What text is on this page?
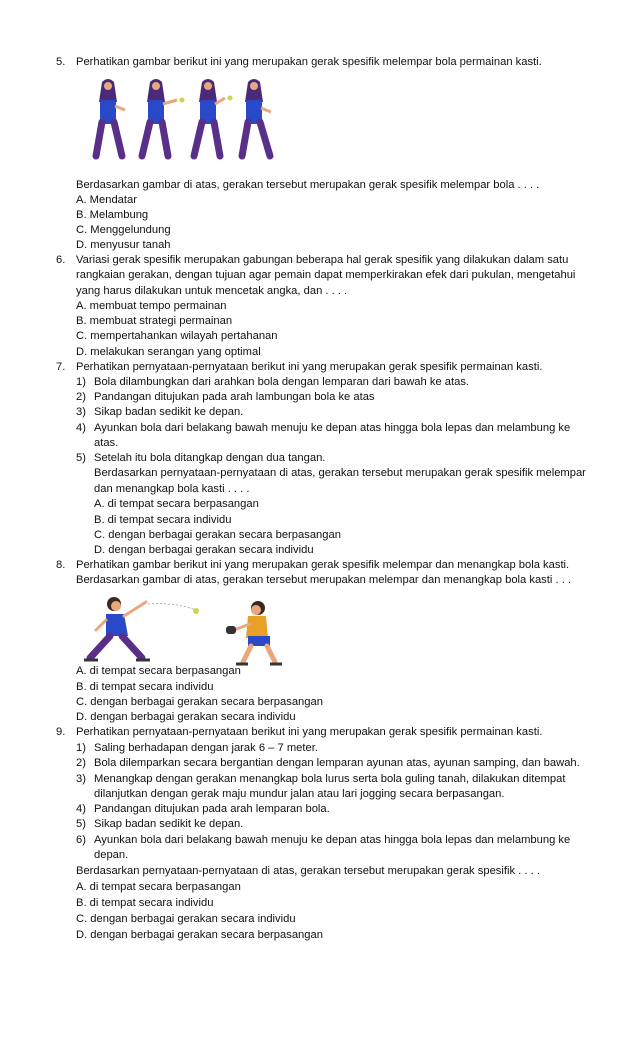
5. Perhatikan gambar berikut ini yang merupakan gerak spesifik melempar bola permainan kasti.
Berdasarkan gambar di atas, gerakan tersebut merupakan gerak spesifik melempar bola . . . .
A. Mendatar
B. Melambung
C. Menggelundung
D. menyusur tanah
6. Variasi gerak spesifik merupakan gabungan beberapa hal gerak spesifik yang dilakukan dalam satu
rangkaian gerakan, dengan tujuan agar pemain dapat memperkirakan efek dari pukulan, mengetahui
yang harus dilakukan untuk mencetak angka, dan . . . .
A. membuat tempo permainan
B. membuat strategi permainan
C. mempertahankan wilayah pertahanan
D. melakukan serangan yang optimal
7. Perhatikan pernyataan-pernyataan berikut ini yang merupakan gerak spesifik permainan kasti.
1) Bola dilambungkan dari arahkan bola dengan lemparan dari bawah ke atas.
2) Pandangan ditujukan pada arah lambungan bola ke atas
3) Sikap badan sedikit ke depan.
4) Ayunkan bola dari belakang bawah menuju ke depan atas hingga bola lepas dan melambung ke
atas.
5) Setelah itu bola ditangkap dengan dua tangan.
Berdasarkan pernyataan-pernyataan di atas, gerakan tersebut merupakan gerak spesifik melempar
dan menangkap bola kasti . . . .
A. di tempat secara berpasangan
B. di tempat secara individu
C. dengan berbagai gerakan secara berpasangan
D. dengan berbagai gerakan secara individu
8. Perhatikan gambar berikut ini yang merupakan gerak spesifik melempar dan menangkap bola kasti.
Berdasarkan gambar di atas, gerakan tersebut merupakan melempar dan menangkap bola kasti . . .
A. di tempat secara berpasangan
B. di tempat secara individu
C. dengan berbagai gerakan secara berpasangan
D. dengan berbagai gerakan secara individu
9. Perhatikan pernyataan-pernyataan berikut ini yang merupakan gerak spesifik permainan kasti.
1) Saling berhadapan dengan jarak 6 – 7 meter.
2) Bola dilemparkan secara bergantian dengan lemparan ayunan atas, ayunan samping, dan bawah.
3) Menangkap dengan gerakan menangkap bola lurus serta bola guling tanah, dilakukan ditempat
dilanjutkan dengan gerak maju mundur jalan atau lari jogging secara berpasangan.
4) Pandangan ditujukan pada arah lemparan bola.
5) Sikap badan sedikit ke depan.
6) Ayunkan bola dari belakang bawah menuju ke depan atas hingga bola lepas dan melambung ke
depan.
Berdasarkan pernyataan-pernyataan di atas, gerakan tersebut merupakan gerak spesifik . . . .
A. di tempat secara berpasangan
B. di tempat secara individu
C. dengan berbagai gerakan secara individu
D. dengan berbagai gerakan secara berpasangan
